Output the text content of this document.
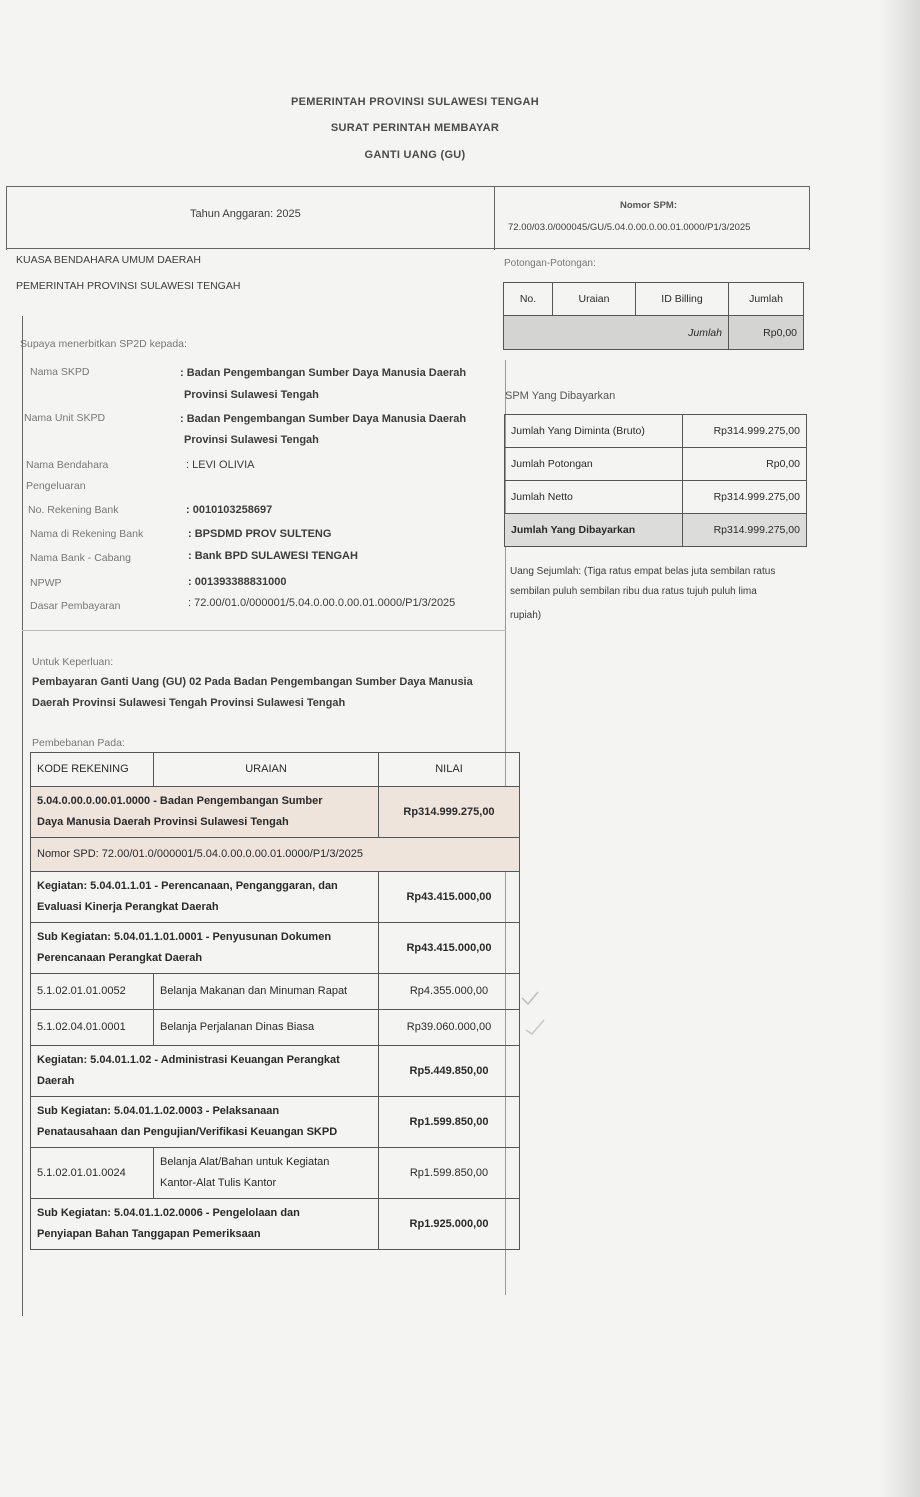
PEMERINTAH PROVINSI SULAWESI TENGAH
SURAT PERINTAH MEMBAYAR
GANTI UANG (GU)
Tahun Anggaran: 2025
Nomor SPM:
72.00/03.0/000045/GU/5.04.0.00.0.00.01.0000/P1/3/2025
KUASA BENDAHARA UMUM DAERAH
PEMERINTAH PROVINSI SULAWESI TENGAH
Supaya menerbitkan SP2D kepada:
Nama SKPD	: Badan Pengembangan Sumber Daya Manusia Daerah
Provinsi Sulawesi Tengah
Nama Unit SKPD	: Badan Pengembangan Sumber Daya Manusia Daerah
Provinsi Sulawesi Tengah
Nama Bendahara
Pengeluaran
: LEVI OLIVIA
No. Rekening Bank	: 0010103258697
Nama di Rekening Bank	: BPSDMD PROV SULTENG
Nama Bank - Cabang	: Bank BPD SULAWESI TENGAH
NPWP	: 001393388831000
Dasar Pembayaran	: 72.00/01.0/000001/5.04.0.00.0.00.01.0000/P1/3/2025
Potongan-Potongan:
No.	Uraian	ID Billing	Jumlah
Jumlah			Rp0,00
SPM Yang Dibayarkan
Jumlah Yang Diminta (Bruto)	Rp314.999.275,00
Jumlah Potongan	Rp0,00
Jumlah Netto	Rp314.999.275,00
Jumlah Yang Dibayarkan	Rp314.999.275,00
Uang Sejumlah: (Tiga ratus empat belas juta sembilan ratus
sembilan puluh sembilan ribu dua ratus tujuh puluh lima
rupiah)
Untuk Keperluan:
Pembayaran Ganti Uang (GU) 02 Pada Badan Pengembangan Sumber Daya Manusia
Daerah Provinsi Sulawesi Tengah Provinsi Sulawesi Tengah
Pembebanan Pada:
KODE REKENING	URAIAN	NILAI

5.04.0.00.0.00.01.0000 - Badan Pengembangan Sumber
Daya Manusia Daerah Provinsi Sulawesi Tengah		Rp314.999.275,00
Nomor SPD: 72.00/01.0/000001/5.04.0.00.0.00.01.0000/P1/3/2025		

Kegiatan: 5.04.01.1.01 - Perencanaan, Penganggaran, dan
Evaluasi Kinerja Perangkat Daerah		Rp43.415.000,00

Sub Kegiatan: 5.04.01.1.01.0001 - Penyusunan Dokumen
Perencanaan Perangkat Daerah		Rp43.415.000,00
5.1.02.01.01.0052	Belanja Makanan dan Minuman Rapat	Rp4.355.000,00
5.1.02.04.01.0001	Belanja Perjalanan Dinas Biasa	Rp39.060.000,00

Kegiatan: 5.04.01.1.02 - Administrasi Keuangan Perangkat
Daerah		Rp5.449.850,00

Sub Kegiatan: 5.04.01.1.02.0003 - Pelaksanaan
Penatausahaan dan Pengujian/Verifikasi Keuangan SKPD		Rp1.599.850,00
5.1.02.01.01.0024	Belanja Alat/Bahan untuk Kegiatan
Kantor-Alat Tulis Kantor	Rp1.599.850,00

Sub Kegiatan: 5.04.01.1.02.0006 - Pengelolaan dan
Penyiapan Bahan Tanggapan Pemeriksaan		Rp1.925.000,00
